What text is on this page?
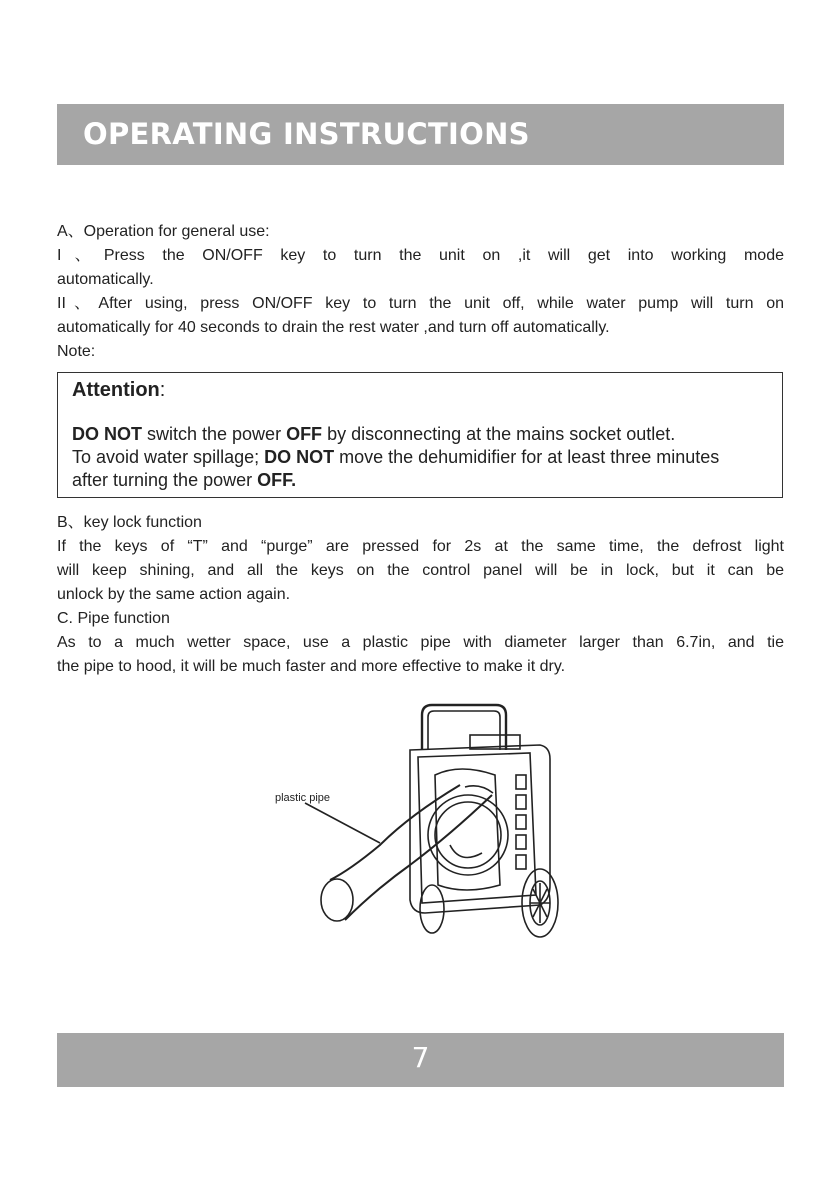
OPERATING INSTRUCTIONS

A、Operation for general use:

I、Press the ON/OFF key to turn the unit on ,it will get into working mode

automatically.

II、After using, press ON/OFF key to turn the unit off, while water pump will turn on

automatically for 40 seconds to drain the rest water ,and turn off automatically.

Note:

Attention:

DO NOT switch the power OFF by disconnecting at the mains socket outlet.

To avoid water spillage; DO NOT move the dehumidifier for at least three minutes

after turning the power OFF.

B、key lock function

If the keys of “T” and “purge” are pressed for 2s at the same time, the defrost light

will keep shining, and all the keys on the control panel will be in lock, but it can be

unlock by the same action again.

C. Pipe function

As to a much wetter space, use a plastic pipe with diameter larger than 6.7in, and tie

the pipe to hood, it will be much faster and more effective to make it dry.

plastic pipe

7
